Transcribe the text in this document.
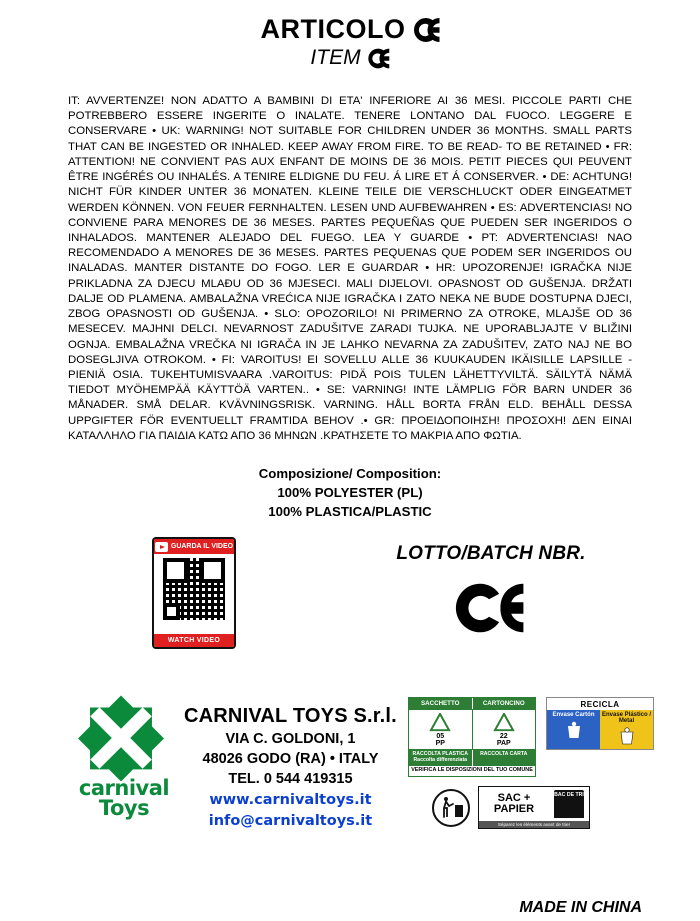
ARTICOLO
ITEM
IT: AVVERTENZE! NON ADATTO A BAMBINI DI ETA' INFERIORE AI 36 MESI. PICCOLE PARTI CHE POTREBBERO ESSERE INGERITE O INALATE. TENERE LONTANO DAL FUOCO. LEGGERE E CONSERVARE • UK: WARNING! NOT SUITABLE FOR CHILDREN UNDER 36 MONTHS. SMALL PARTS THAT CAN BE INGESTED OR INHALED. KEEP AWAY FROM FIRE. TO BE READ- TO BE RETAINED • FR: ATTENTION! NE CONVIENT PAS AUX ENFANT DE MOINS DE 36 MOIS. PETIT PIECES QUI PEUVENT ÊTRE INGÉRÉS OU INHALÉS. A TENIRE ELDIGNE DU FEU. Á LIRE ET Á CONSERVER. • DE: ACHTUNG! NICHT FÜR KINDER UNTER 36 MONATEN. KLEINE TEILE DIE VERSCHLUCKT ODER EINGEATMET WERDEN KÖNNEN. VON FEUER FERNHALTEN. LESEN UND AUFBEWAHREN • ES: ADVERTENCIAS! NO CONVIENE PARA MENORES DE 36 MESES. PARTES PEQUEÑAS QUE PUEDEN SER INGERIDOS O INHALADOS. MANTENER ALEJADO DEL FUEGO. LEA Y GUARDE • PT: ADVERTENCIAS! NAO RECOMENDADO A MENORES DE 36 MESES. PARTES PEQUENAS QUE PODEM SER INGERIDOS OU INALADAS. MANTER DISTANTE DO FOGO. LER E GUARDAR • HR: UPOZORENJE! IGRAČKA NIJE PRIKLADNA ZA DJECU MLAĐU OD 36 MJESECI. MALI DIJELOVI. OPASNOST OD GUŠENJA. DRŽATI DALJE OD PLAMENA. AMBALAŽNA VREĆICA NIJE IGRAČKA I ZATO NEKA NE BUDE DOSTUPNA DJECI, ZBOG OPASNOSTI OD GUŠENJA. • SLO: OPOZORILO! NI PRIMERNO ZA OTROKE, MLAJŠE OD 36 MESECEV. MAJHNI DELCI. NEVARNOST ZADUŠITVE ZARADI TUJKA. NE UPORABLJAJTE V BLIŽINI OGNJA. EMBALAŽNA VREČKA NI IGRAČA IN JE LAHKO NEVARNA ZA ZADUŠITEV, ZATO NAJ NE BO DOSEGLJIVA OTROKOM. • FI: VAROITUS! EI SOVELLU ALLE 36 KUUKAUDEN IKÄISILLE LAPSILLE - PIENIÄ OSIA. TUKEHTUMISVAARA .VAROITUS: PIDÄ POIS TULEN LÄHETTYVILTÄ. SÄILYTÄ NÄMÄ TIEDOT MYÖHEMPÄÄ KÄYTTÖÄ VARTEN.. • SE: VARNING! INTE LÄMPLIG FÖR BARN UNDER 36 MÅNADER. SMÅ DELAR. KVÄVNINGSRISK. VARNING. HÅLL BORTA FRÅN ELD. BEHÅLL DESSA UPPGIFTER FÖR EVENTUELLT FRAMTIDA BEHOV .• GR: ΠΡΟΕΙΔΟΠΟΙΗΣΗ! ΠΡΟΣΟΧΗ! ΔΕΝ ΕΙΝΑΙ ΚΑΤΑΛΛΗΛΟ ΓΙΑ ΠΑΙΔΙΑ ΚΑΤΩ ΑΠΟ 36 ΜΗΝΩΝ .ΚΡΑΤΗΣΕΤΕ ΤΟ ΜΑΚΡΙΑ ΑΠΟ ΦΩΤΙΑ.
Composizione/ Composition:
100% POLYESTER (PL)
100% PLASTICA/PLASTIC
GUARDA IL VIDEO
WATCH VIDEO
LOTTO/BATCH NBR.
carnival
Toys
CARNIVAL TOYS S.r.l.
VIA C. GOLDONI, 1
48026 GODO (RA) • ITALY
TEL. 0 544 419315
www.carnivaltoys.it
info@carnivaltoys.it
SACCHETTO	CARTONCINO
05
PP
22
PAP
RACCOLTA PLASTICA Raccolta differenziata
RACCOLTA CARTA
VERIFICA LE DISPOSIZIONI DEL TUO COMUNE
RECICLA
Envase Cartón	Envase Plástico / Metal
SAC + PAPIER
BAC DE TRI
Séparez les éléments avant de trier
MADE IN CHINA
